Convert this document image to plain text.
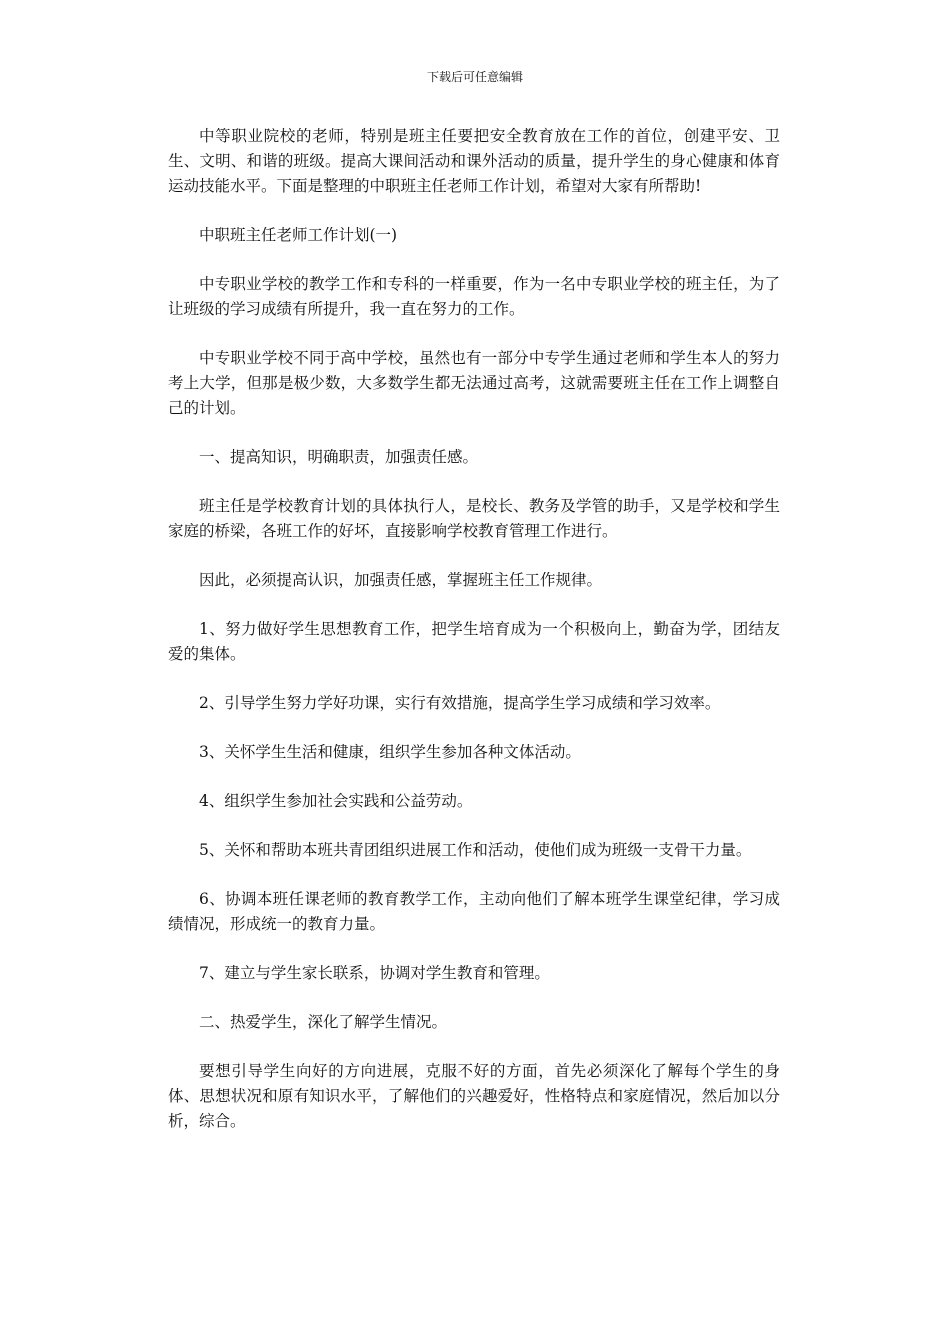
下载后可任意编辑

中等职业院校的老师，特别是班主任要把安全教育放在工作的首位，创建平安、卫生、文明、和谐的班级。提高大课间活动和课外活动的质量，提升学生的身心健康和体育运动技能水平。下面是整理的中职班主任老师工作计划，希望对大家有所帮助!

中职班主任老师工作计划(一)

中专职业学校的教学工作和专科的一样重要，作为一名中专职业学校的班主任，为了让班级的学习成绩有所提升，我一直在努力的工作。

中专职业学校不同于高中学校，虽然也有一部分中专学生通过老师和学生本人的努力考上大学，但那是极少数，大多数学生都无法通过高考，这就需要班主任在工作上调整自己的计划。

一、提高知识，明确职责，加强责任感。

班主任是学校教育计划的具体执行人，是校长、教务及学管的助手，又是学校和学生家庭的桥梁，各班工作的好坏，直接影响学校教育管理工作进行。

因此，必须提高认识，加强责任感，掌握班主任工作规律。

1、努力做好学生思想教育工作，把学生培育成为一个积极向上，勤奋为学，团结友爱的集体。

2、引导学生努力学好功课，实行有效措施，提高学生学习成绩和学习效率。

3、关怀学生生活和健康，组织学生参加各种文体活动。

4、组织学生参加社会实践和公益劳动。

5、关怀和帮助本班共青团组织进展工作和活动，使他们成为班级一支骨干力量。

6、协调本班任课老师的教育教学工作，主动向他们了解本班学生课堂纪律，学习成绩情况，形成统一的教育力量。

7、建立与学生家长联系，协调对学生教育和管理。

二、热爱学生，深化了解学生情况。

要想引导学生向好的方向进展，克服不好的方面，首先必须深化了解每个学生的身体、思想状况和原有知识水平，了解他们的兴趣爱好，性格特点和家庭情况，然后加以分析，综合。
